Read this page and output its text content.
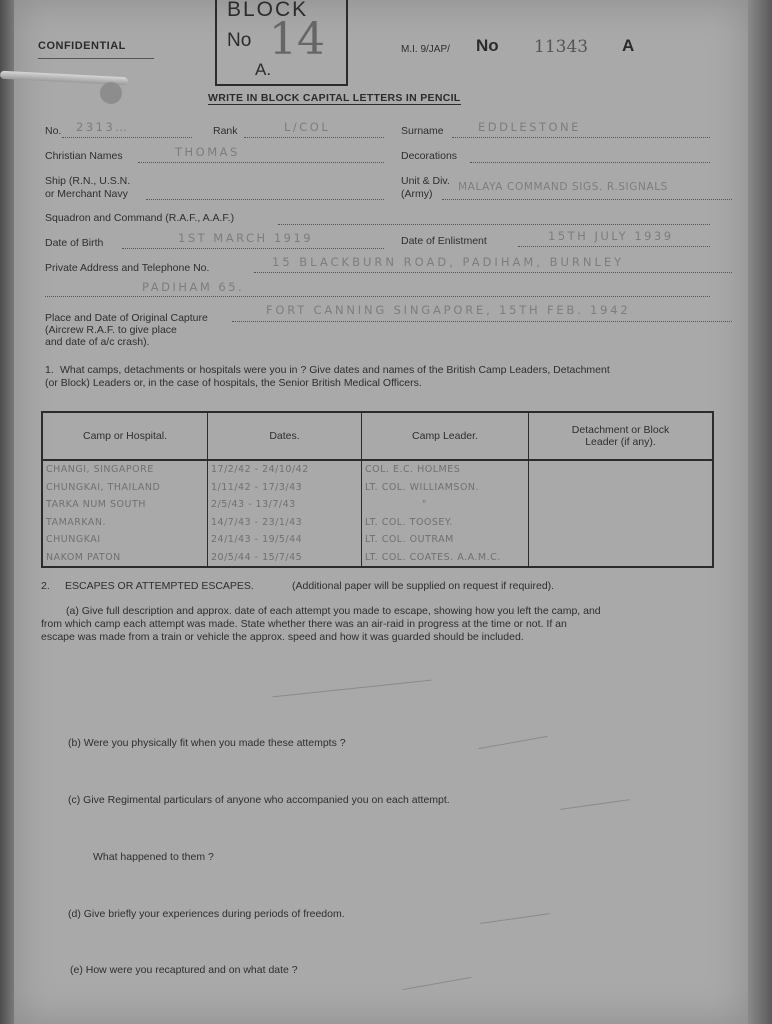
CONFIDENTIAL
BLOCK
No 14
A.
M.I. 9/JAP/ No 11343 A
WRITE IN BLOCK CAPITAL LETTERS IN PENCIL
No. 2313…	Rank	L/COL	Surname	EDDLESTONE
Christian Names	THOMAS	Decorations
Ship (R.N., U.S.N.
or Merchant Navy
Unit & Div.
(Army)
MALAYA COMMAND SIGS. R.SIGNALS
Squadron and Command (R.A.F., A.A.F.)
Date of Birth	1ST MARCH 1919	Date of Enlistment	15TH JULY 1939
Private Address and Telephone No.	15 BLACKBURN ROAD, PADIHAM, BURNLEY
PADIHAM 65.
Place and Date of Original Capture
(Aircrew R.A.F. to give place
and date of a/c crash).
FORT CANNING SINGAPORE, 15TH FEB. 1942
1. What camps, detachments or hospitals were you in ? Give dates and names of the British Camp Leaders, Detachment
(or Block) Leaders or, in the case of hospitals, the Senior British Medical Officers.
Camp or Hospital.	Dates.	Camp Leader.	Detachment or Block
Leader (if any).
CHANGI, SINGAPORE	17/2/42 - 24/10/42	COL. E.C. HOLMES	
CHUNGKAI, THAILAND	1/11/42 - 17/3/43	LT. COL. WILLIAMSON.	
TARKA NUM SOUTH	2/5/43 - 13/7/43	"	
TAMARKAN.	14/7/43 - 23/1/43	LT. COL. TOOSEY.	
CHUNGKAI	24/1/43 - 19/5/44	LT. COL. OUTRAM	
NAKOM PATON	20/5/44 - 15/7/45	LT. COL. COATES. A.A.M.C.	
2. ESCAPES OR ATTEMPTED ESCAPES.	(Additional paper will be supplied on request if required).
(a) Give full description and approx. date of each attempt you made to escape, showing how you left the camp, and
from which camp each attempt was made. State whether there was an air-raid in progress at the time or not. If an
escape was made from a train or vehicle the approx. speed and how it was guarded should be included.
(b) Were you physically fit when you made these attempts ?
(c) Give Regimental particulars of anyone who accompanied you on each attempt.
What happened to them ?
(d) Give briefly your experiences during periods of freedom.
(e) How were you recaptured and on what date ?
